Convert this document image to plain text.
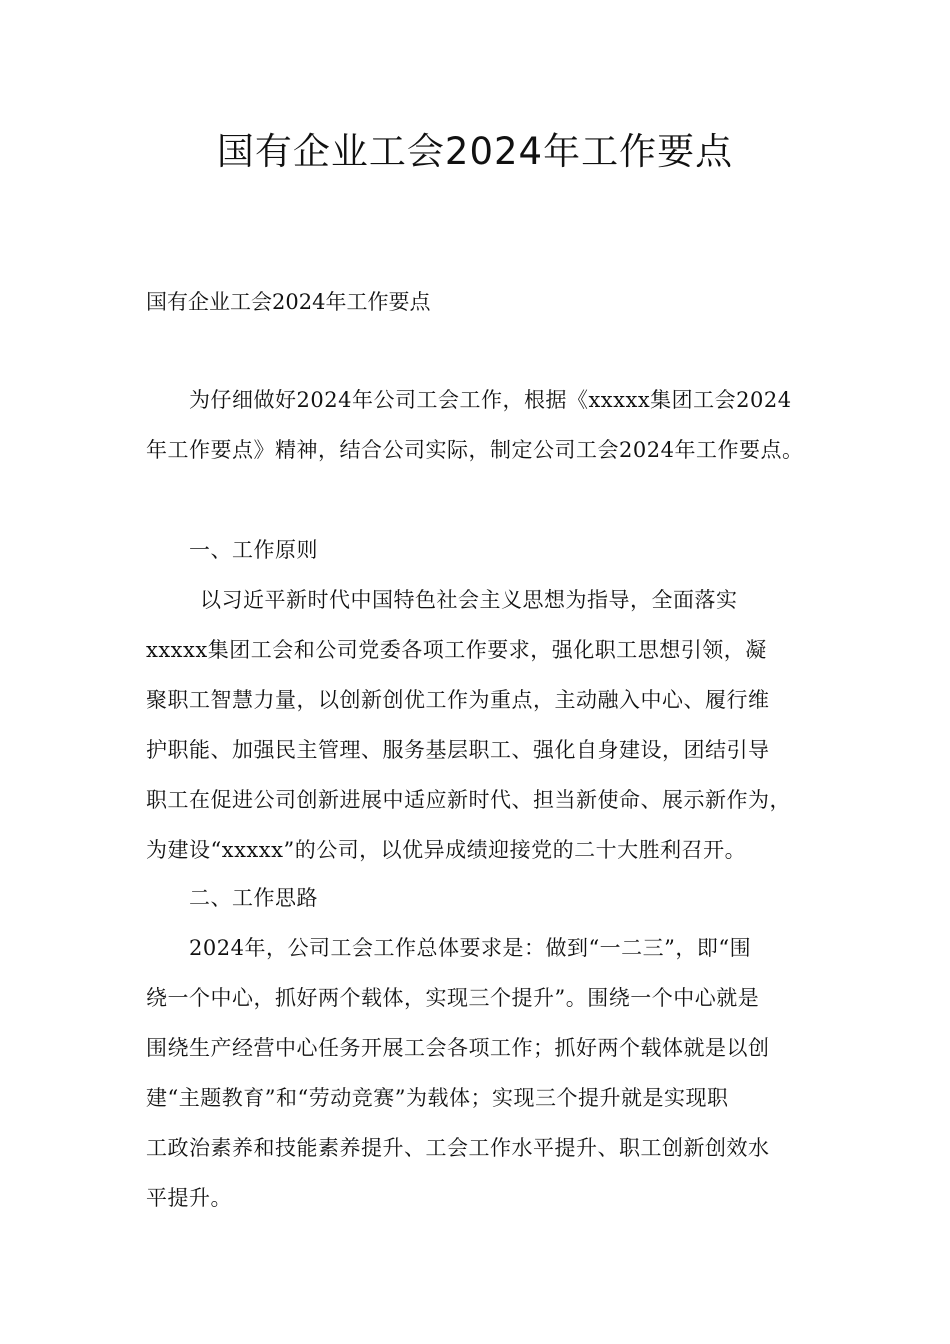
国有企业工会2024年工作要点
国有企业工会2024年工作要点
为仔细做好2024年公司工会工作，根据《xxxxx集团工会2024
年工作要点》精神，结合公司实际，制定公司工会2024年工作要点。
一、工作原则
以习近平新时代中国特色社会主义思想为指导，全面落实
xxxxx集团工会和公司党委各项工作要求，强化职工思想引领，凝
聚职工智慧力量，以创新创优工作为重点，主动融入中心、履行维
护职能、加强民主管理、服务基层职工、强化自身建设，团结引导
职工在促进公司创新进展中适应新时代、担当新使命、展示新作为，
为建设“xxxxx”的公司，以优异成绩迎接党的二十大胜利召开。
二、工作思路
2024年，公司工会工作总体要求是：做到“一二三”，即“围
绕一个中心，抓好两个载体，实现三个提升”。围绕一个中心就是
围绕生产经营中心任务开展工会各项工作；抓好两个载体就是以创
建“主题教育”和“劳动竞赛”为载体；实现三个提升就是实现职
工政治素养和技能素养提升、工会工作水平提升、职工创新创效水
平提升。
